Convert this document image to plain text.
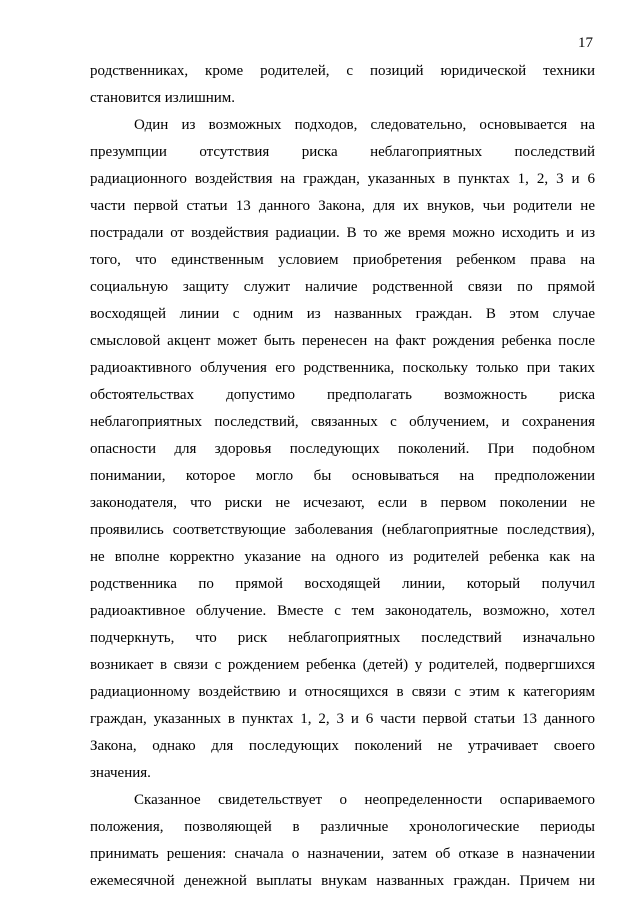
17
родственниках, кроме родителей, с позиций юридической техники
становится излишним.
Один из возможных подходов, следовательно, основывается на
презумпции отсутствия риска неблагоприятных последствий
радиационного воздействия на граждан, указанных в пунктах 1, 2, 3 и 6
части первой статьи 13 данного Закона, для их внуков, чьи родители не
пострадали от воздействия радиации. В то же время можно исходить и из
того, что единственным условием приобретения ребенком права на
социальную защиту служит наличие родственной связи по прямой
восходящей линии с одним из названных граждан. В этом случае
смысловой акцент может быть перенесен на факт рождения ребенка после
радиоактивного облучения его родственника, поскольку только при таких
обстоятельствах допустимо предполагать возможность риска
неблагоприятных последствий, связанных с облучением, и сохранения
опасности для здоровья последующих поколений. При подобном
понимании, которое могло бы основываться на предположении
законодателя, что риски не исчезают, если в первом поколении не
проявились соответствующие заболевания (неблагоприятные последствия),
не вполне корректно указание на одного из родителей ребенка как на
родственника по прямой восходящей линии, который получил
радиоактивное облучение. Вместе с тем законодатель, возможно, хотел
подчеркнуть, что риск неблагоприятных последствий изначально
возникает в связи с рождением ребенка (детей) у родителей, подвергшихся
радиационному воздействию и относящихся в связи с этим к категориям
граждан, указанных в пунктах 1, 2, 3 и 6 части первой статьи 13 данного
Закона, однако для последующих поколений не утрачивает своего
значения.
Сказанное свидетельствует о неопределенности оспариваемого
положения, позволяющей в различные хронологические периоды
принимать решения: сначала о назначении, затем об отказе в назначении
ежемесячной денежной выплаты внукам названных граждан. Причем ни
